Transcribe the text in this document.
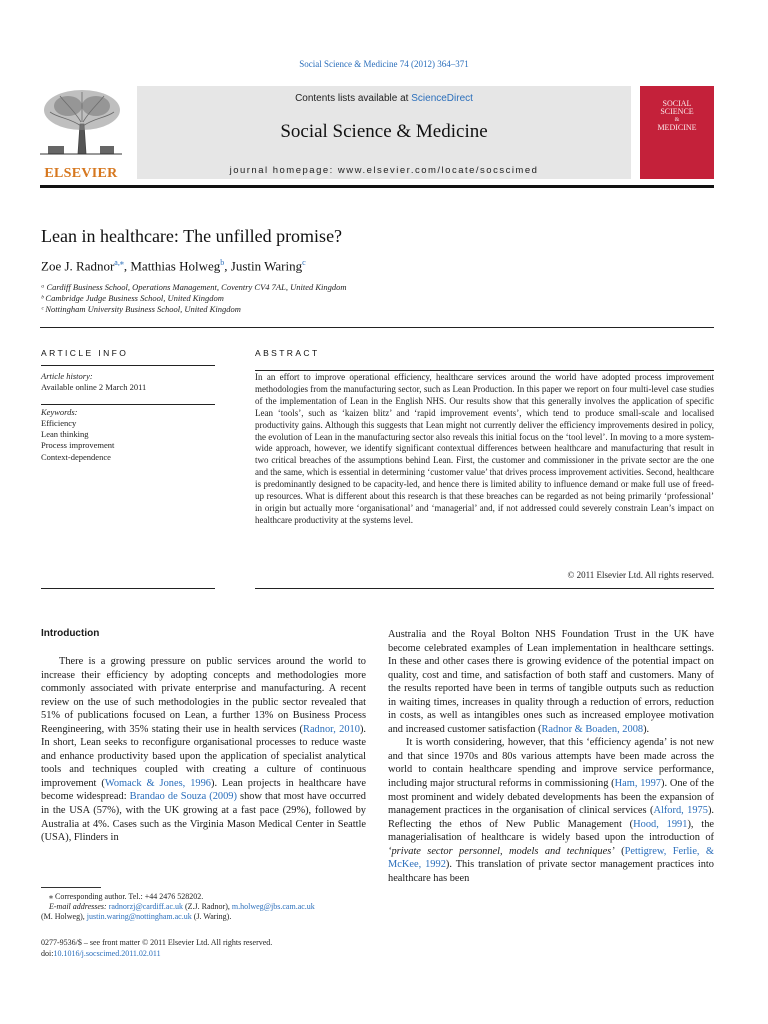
Social Science & Medicine 74 (2012) 364–371
Contents lists available at ScienceDirect
Social Science & Medicine
journal homepage: www.elsevier.com/locate/socscimed
ELSEVIER
SOCIAL
SCIENCE
&
MEDICINE
Lean in healthcare: The unfilled promise?
Zoe J. Radnor$^{a,⁎}$, Matthias Holweg$^b$, Justin Waring$^c$
ᵃ Cardiff Business School, Operations Management, Coventry CV4 7AL, United Kingdom
ᵇ Cambridge Judge Business School, United Kingdom
ᶜ Nottingham University Business School, United Kingdom
ARTICLE INFO
Article history:
Available online 2 March 2011
Keywords:
Efficiency
Lean thinking
Process improvement
Context-dependence
ABSTRACT
In an effort to improve operational efficiency, healthcare services around the world have adopted process improvement methodologies from the manufacturing sector, such as Lean Production. In this paper we report on four multi-level case studies of the implementation of Lean in the English NHS. Our results show that this generally involves the application of specific Lean ‘tools’, such as ‘kaizen blitz’ and ‘rapid improvement events’, which tend to produce small-scale and localised productivity gains. Although this suggests that Lean might not currently deliver the efficiency improvements desired in policy, the evolution of Lean in the manufacturing sector also reveals this initial focus on the ‘tool level’. In moving to a more system-wide approach, however, we identify significant contextual differences between healthcare and manufacturing that result in two critical breaches of the assumptions behind Lean. First, the customer and commissioner in the private sector are the one and the same, which is essential in determining ‘customer value’ that drives process improvement activities. Second, healthcare is predominantly designed to be capacity-led, and hence there is limited ability to influence demand or make full use of freed-up resources. What is different about this research is that these breaches can be regarded as not being primarily ‘professional’ in origin but actually more ‘organisational’ and ‘managerial’ and, if not addressed could severely constrain Lean’s impact on healthcare productivity at the systems level.
© 2011 Elsevier Ltd. All rights reserved.
Introduction

There is a growing pressure on public services around the world to increase their efficiency by adopting concepts and methodologies more commonly associated with private enterprise and manufacturing. A recent review on the use of such methodologies in the public sector revealed that 51% of publications focused on Lean, a further 13% on Business Process Reengineering, with 35% stating their use in health services (Radnor, 2010). In short, Lean seeks to reconfigure organisational processes to reduce waste and enhance productivity based upon the application of specialist analytical tools and techniques coupled with creating a culture of continuous improvement (Womack & Jones, 1996). Lean projects in healthcare have become widespread: Brandao de Souza (2009) show that most have occurred in the USA (57%), with the UK growing at a fast pace (29%), followed by Australia at 4%. Cases such as the Virginia Mason Medical Center in Seattle (USA), Flinders in

Australia and the Royal Bolton NHS Foundation Trust in the UK have become celebrated examples of Lean implementation in healthcare settings. In these and other cases there is growing evidence of the potential impact on quality, cost and time, and satisfaction of both staff and customers. Many of the results reported have been in terms of tangible outputs such as reduction in waiting times, increases in quality through a reduction of errors, reduction in costs, as well as intangibles ones such as increased employee motivation and increased customer satisfaction (Radnor & Boaden, 2008).

It is worth considering, however, that this ‘efficiency agenda’ is not new and that since 1970s and 80s various attempts have been made across the world to contain healthcare spending and improve service performance, including major structural reforms in commissioning (Ham, 1997). One of the most prominent and widely debated developments has been the expansion of management practices in the organisation of clinical services (Alford, 1975). Reflecting the ethos of New Public Management (Hood, 1991), the managerialisation of healthcare is widely based upon the introduction of ‘private sector personnel, models and techniques’ (Pettigrew, Ferlie, & McKee, 1992). This translation of private sector management practices into healthcare has been

⁎ Corresponding author. Tel.: +44 2476 528202.
E-mail addresses: radnorzj@cardiff.ac.uk (Z.J. Radnor), m.holweg@jbs.cam.ac.uk
(M. Holweg), justin.waring@nottingham.ac.uk (J. Waring).
0277-9536/$ – see front matter © 2011 Elsevier Ltd. All rights reserved.
doi:10.1016/j.socscimed.2011.02.011
